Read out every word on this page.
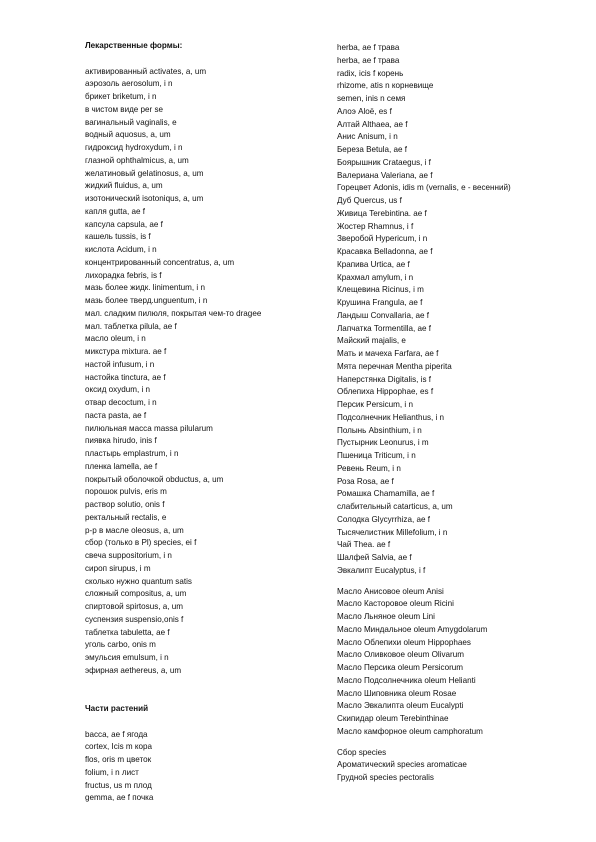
Лекарственные формы:
активированный activates, a, um
аэрозоль aerosolum, i n
брикет briketum, i n
в чистом виде per se
вагинальный vaginalis, e
водный aquosus, a, um
гидроксид hydroxydum, i n
глазной ophthalmicus, a, um
желатиновый gelatinosus, a, um
жидкий fluidus, a, um
изотонический isotoniqus, a, um
капля gutta, ae f
капсула capsula, ae f
кашель tussis, is f
кислота Acidum, i n
концентрированный concentratus, a, um
лихорадка febris, is f
мазь более жидк. linimentum, i n
мазь более тверд.unguentum, i n
мал. сладким пилюля, покрытая чем-то dragee
мал. таблетка pilula, ae f
масло oleum, i n
микстура mixtura. ae f
настой infusum, i n
настойка tinctura, ae f
оксид oxydum, i n
отвар decoctum, i n
паста pasta, ae f
пилюльная масса massa pilularum
пиявка hirudo, inis f
пластырь emplastrum, i n
пленка lamella, ae f
покрытый оболочкой obductus, a, um
порошок pulvis, eris m
раствор solutio, onis f
ректальный rectalis, e
р-р в масле oleosus, a, um
сбор (только в Pl) species, ei f
свеча suppositorium, i n
сироп sirupus, i m
сколько нужно quantum satis
сложный compositus, a, um
спиртовой spirtosus, a, um
суспензия suspensio,onis f
таблетка tabuletta, ae f
уголь carbo, onis m
эмульсия emulsum, i n
эфирная aethereus, a, um
Части растений
bacca, ae f ягода
cortex, Icis m кора
flos, oris m цветок
folium, i n лист
fructus, us m плод
gemma, ae f почка
herba, ae f трава
herba, ae f трава
radix, icis f корень
rhizome, atis n корневище
semen, inis n семя
Алоэ Aloё, es f
Алтай Althaea, ae f
Анис Anisum, i n
Береза Betula, ae f
Боярышник Crataegus, i f
Валериана Valeriana, ae f
Горецвет Adonis, idis m (vernalis, e - весенний)
Дуб Quercus, us f
Живица Terebintina. ae f
Жостер Rhamnus, i f
Зверобой Hypericum, i n
Красавка Belladonna, ae f
Крапива Urtica, ae f
Крахмал amylum, i n
Клещевина Ricinus, i m
Крушина Frangula, ae f
Ландыш Convallaria, ae f
Лапчатка Tormentilla, ae f
Майский majalis, e
Мать и мачеха Farfara, ae f
Мята перечная Mentha piperita
Наперстянка Digitalis, is f
Облепиха Hippophae, es f
Персик Persicum, i n
Подсолнечник Helianthus, i n
Полынь Absinthium, i n
Пустырник Leonurus, i m
Пшеница Triticum, i n
Ревень Reum, i n
Роза Rosa, ae f
Ромашка Chamamilla, ae f
слабительный catarticus, a, um
Солодка Glycyrrhiza, ae f
Тысячелистник Millefolium, i n
Чай Thea. ae f
Шалфей Salvia, ae f
Эвкалипт Eucalyptus, i f
Масло Анисовое oleum Anisi
Масло Касторовое oleum Ricini
Масло Льняное oleum Lini
Масло Миндальное oleum Amygdolarum
Масло Облепихи oleum Hippophaes
Масло Оливковое oleum Olivarum
Масло Персика oleum Persicorum
Масло Подсолнечника oleum Helianti
Масло Шиповника oleum Rosae
Масло Эвкалипта oleum Eucalypti
Скипидар oleum Terebinthinae
Масло камфорное oleum camphoratum
Сбор species
Ароматический species aromaticae
Грудной species pectoralis
